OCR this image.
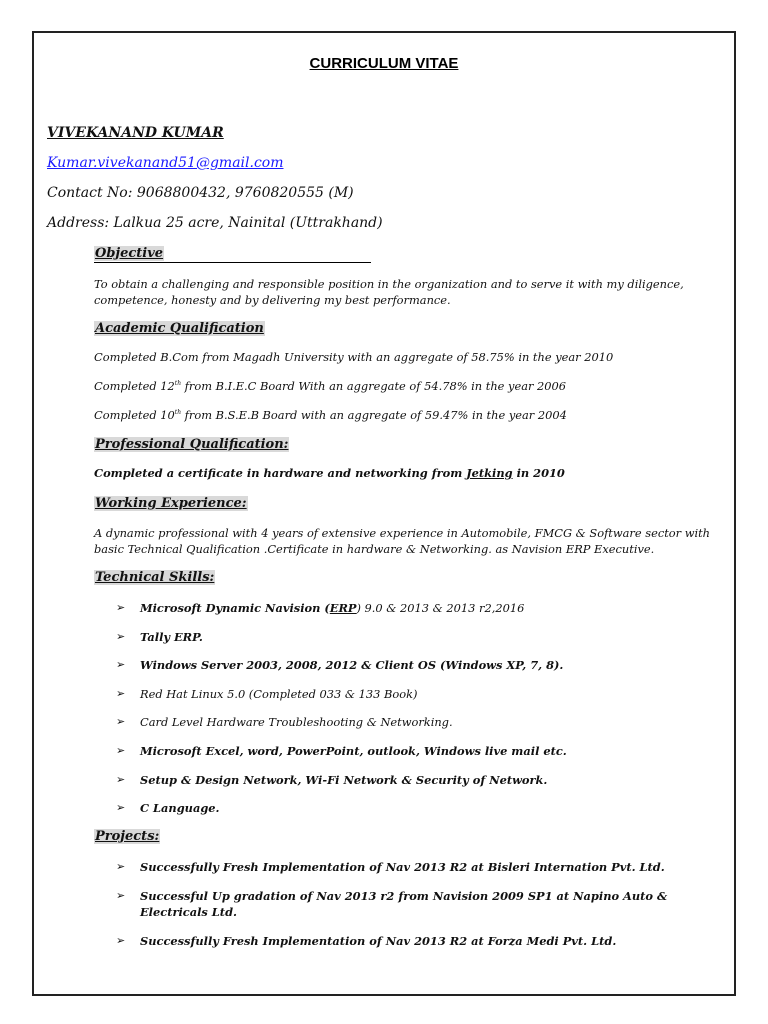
CURRICULUM VITAE
VIVEKANAND KUMAR
Kumar.vivekanand51@gmail.com
Contact No: 9068800432, 9760820555 (M)
Address: Lalkua 25 acre, Nainital (Uttrakhand)
Objective
To obtain a challenging and responsible position in the organization and to serve it with my diligence, competence, honesty and by delivering my best performance.
Academic Qualification
Completed B.Com from Magadh University with an aggregate of 58.75% in the year 2010
Completed 12th from B.I.E.C Board With an aggregate of 54.78% in the year 2006
Completed 10th from B.S.E.B Board with an aggregate of 59.47% in the year 2004
Professional Qualification:
Completed a certificate in hardware and networking from Jetking in 2010
Working Experience:
A dynamic professional with 4 years of extensive experience in Automobile, FMCG & Software sector with basic Technical Qualification .Certificate in hardware & Networking. as Navision ERP Executive.
Technical Skills:
➢ Microsoft Dynamic Navision (ERP) 9.0 & 2013 & 2013 r2,2016
➢ Tally ERP.
➢ Windows Server 2003, 2008, 2012 & Client OS (Windows XP, 7, 8).
➢ Red Hat Linux 5.0 (Completed 033 & 133 Book)
➢ Card Level Hardware Troubleshooting & Networking.
➢ Microsoft Excel, word, PowerPoint, outlook, Windows live mail etc.
➢ Setup & Design Network, Wi-Fi Network & Security of Network.
➢ C Language.
Projects:
➢ Successfully Fresh Implementation of Nav 2013 R2 at Bisleri Internation Pvt. Ltd.
➢ Successful Up gradation of Nav 2013 r2 from Navision 2009 SP1 at Napino Auto & Electricals Ltd.
➢ Successfully Fresh Implementation of Nav 2013 R2 at Forza Medi Pvt. Ltd.
